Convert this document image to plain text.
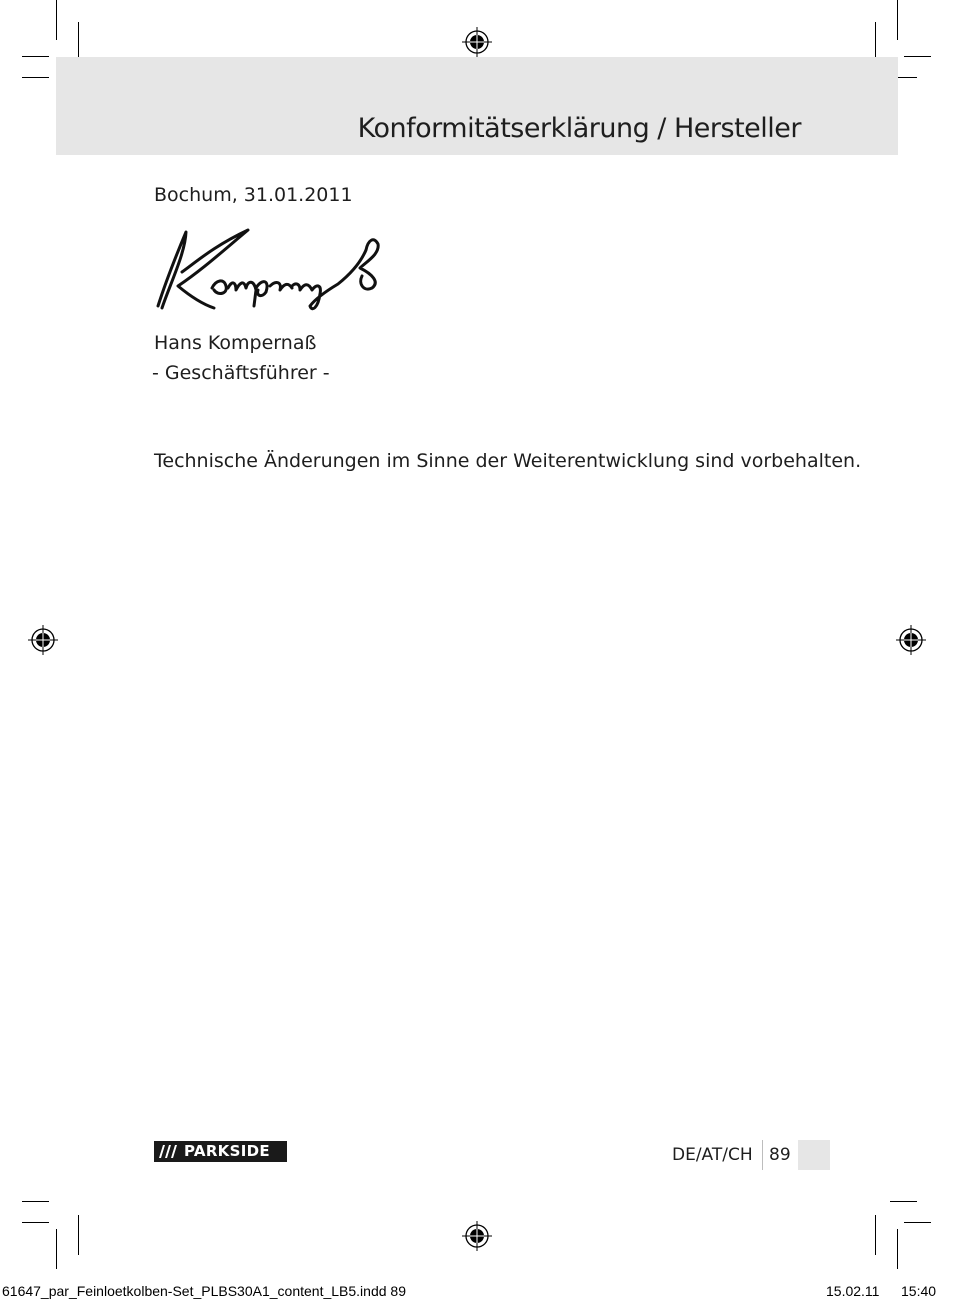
Konformitätserklärung / Hersteller
Bochum, 31.01.2011
Hans Kompernaß
- Geschäftsführer -
Technische Änderungen im Sinne der Weiterentwicklung sind vorbehalten.
PARKSIDE	DE/AT/CH 89
61647_par_Feinloetkolben-Set_PLBS30A1_content_LB5.indd 89	15.02.11 15:40
